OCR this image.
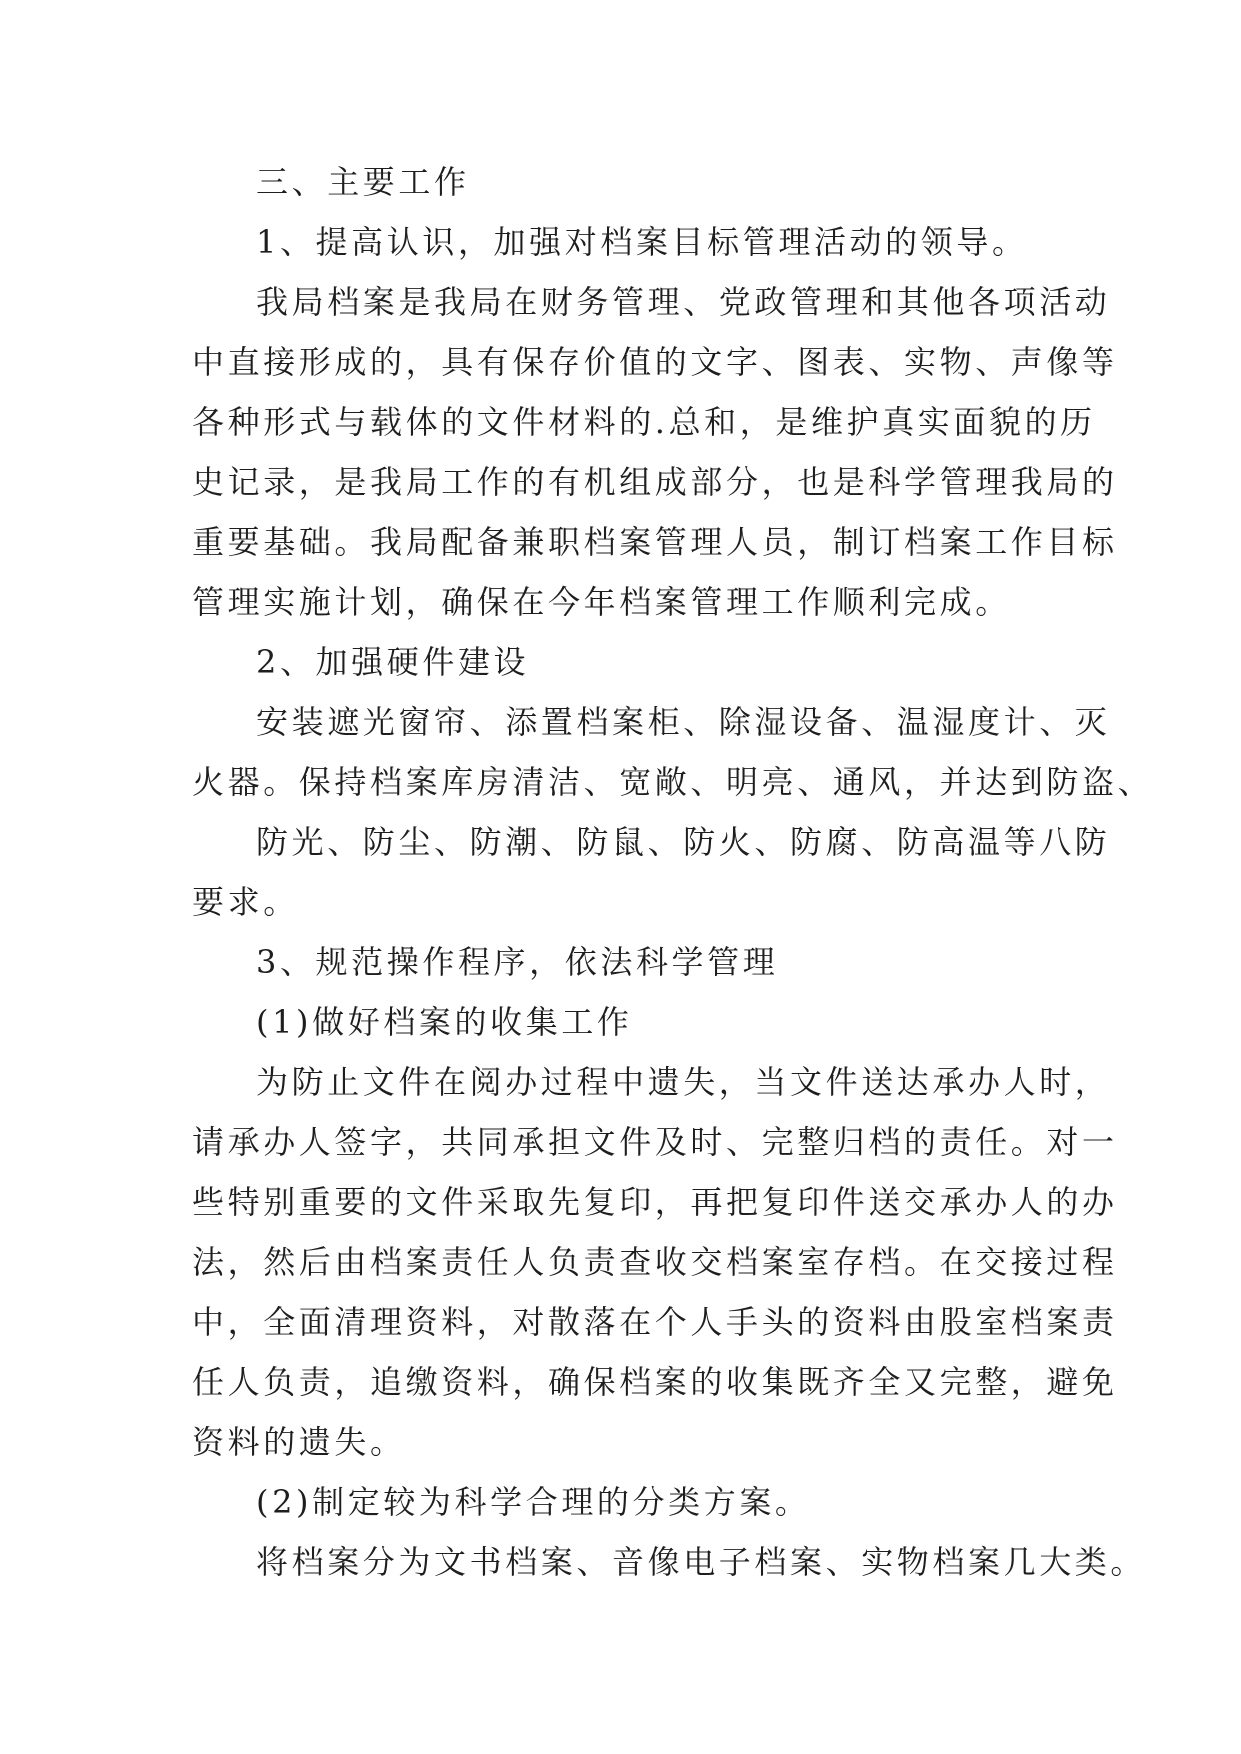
三、主要工作
1、提高认识，加强对档案目标管理活动的领导。
我局档案是我局在财务管理、党政管理和其他各项活动
中直接形成的，具有保存价值的文字、图表、实物、声像等
各种形式与载体的文件材料的.总和，是维护真实面貌的历
史记录，是我局工作的有机组成部分，也是科学管理我局的
重要基础。我局配备兼职档案管理人员，制订档案工作目标
管理实施计划，确保在今年档案管理工作顺利完成。
2、加强硬件建设
安装遮光窗帘、添置档案柜、除湿设备、温湿度计、灭
火器。保持档案库房清洁、宽敞、明亮、通风，并达到防盗、
防光、防尘、防潮、防鼠、防火、防腐、防高温等八防
要求。
3、规范操作程序，依法科学管理
(1)做好档案的收集工作
为防止文件在阅办过程中遗失，当文件送达承办人时，
请承办人签字，共同承担文件及时、完整归档的责任。对一
些特别重要的文件采取先复印，再把复印件送交承办人的办
法，然后由档案责任人负责查收交档案室存档。在交接过程
中，全面清理资料，对散落在个人手头的资料由股室档案责
任人负责，追缴资料，确保档案的收集既齐全又完整，避免
资料的遗失。
(2)制定较为科学合理的分类方案。
将档案分为文书档案、音像电子档案、实物档案几大类。
